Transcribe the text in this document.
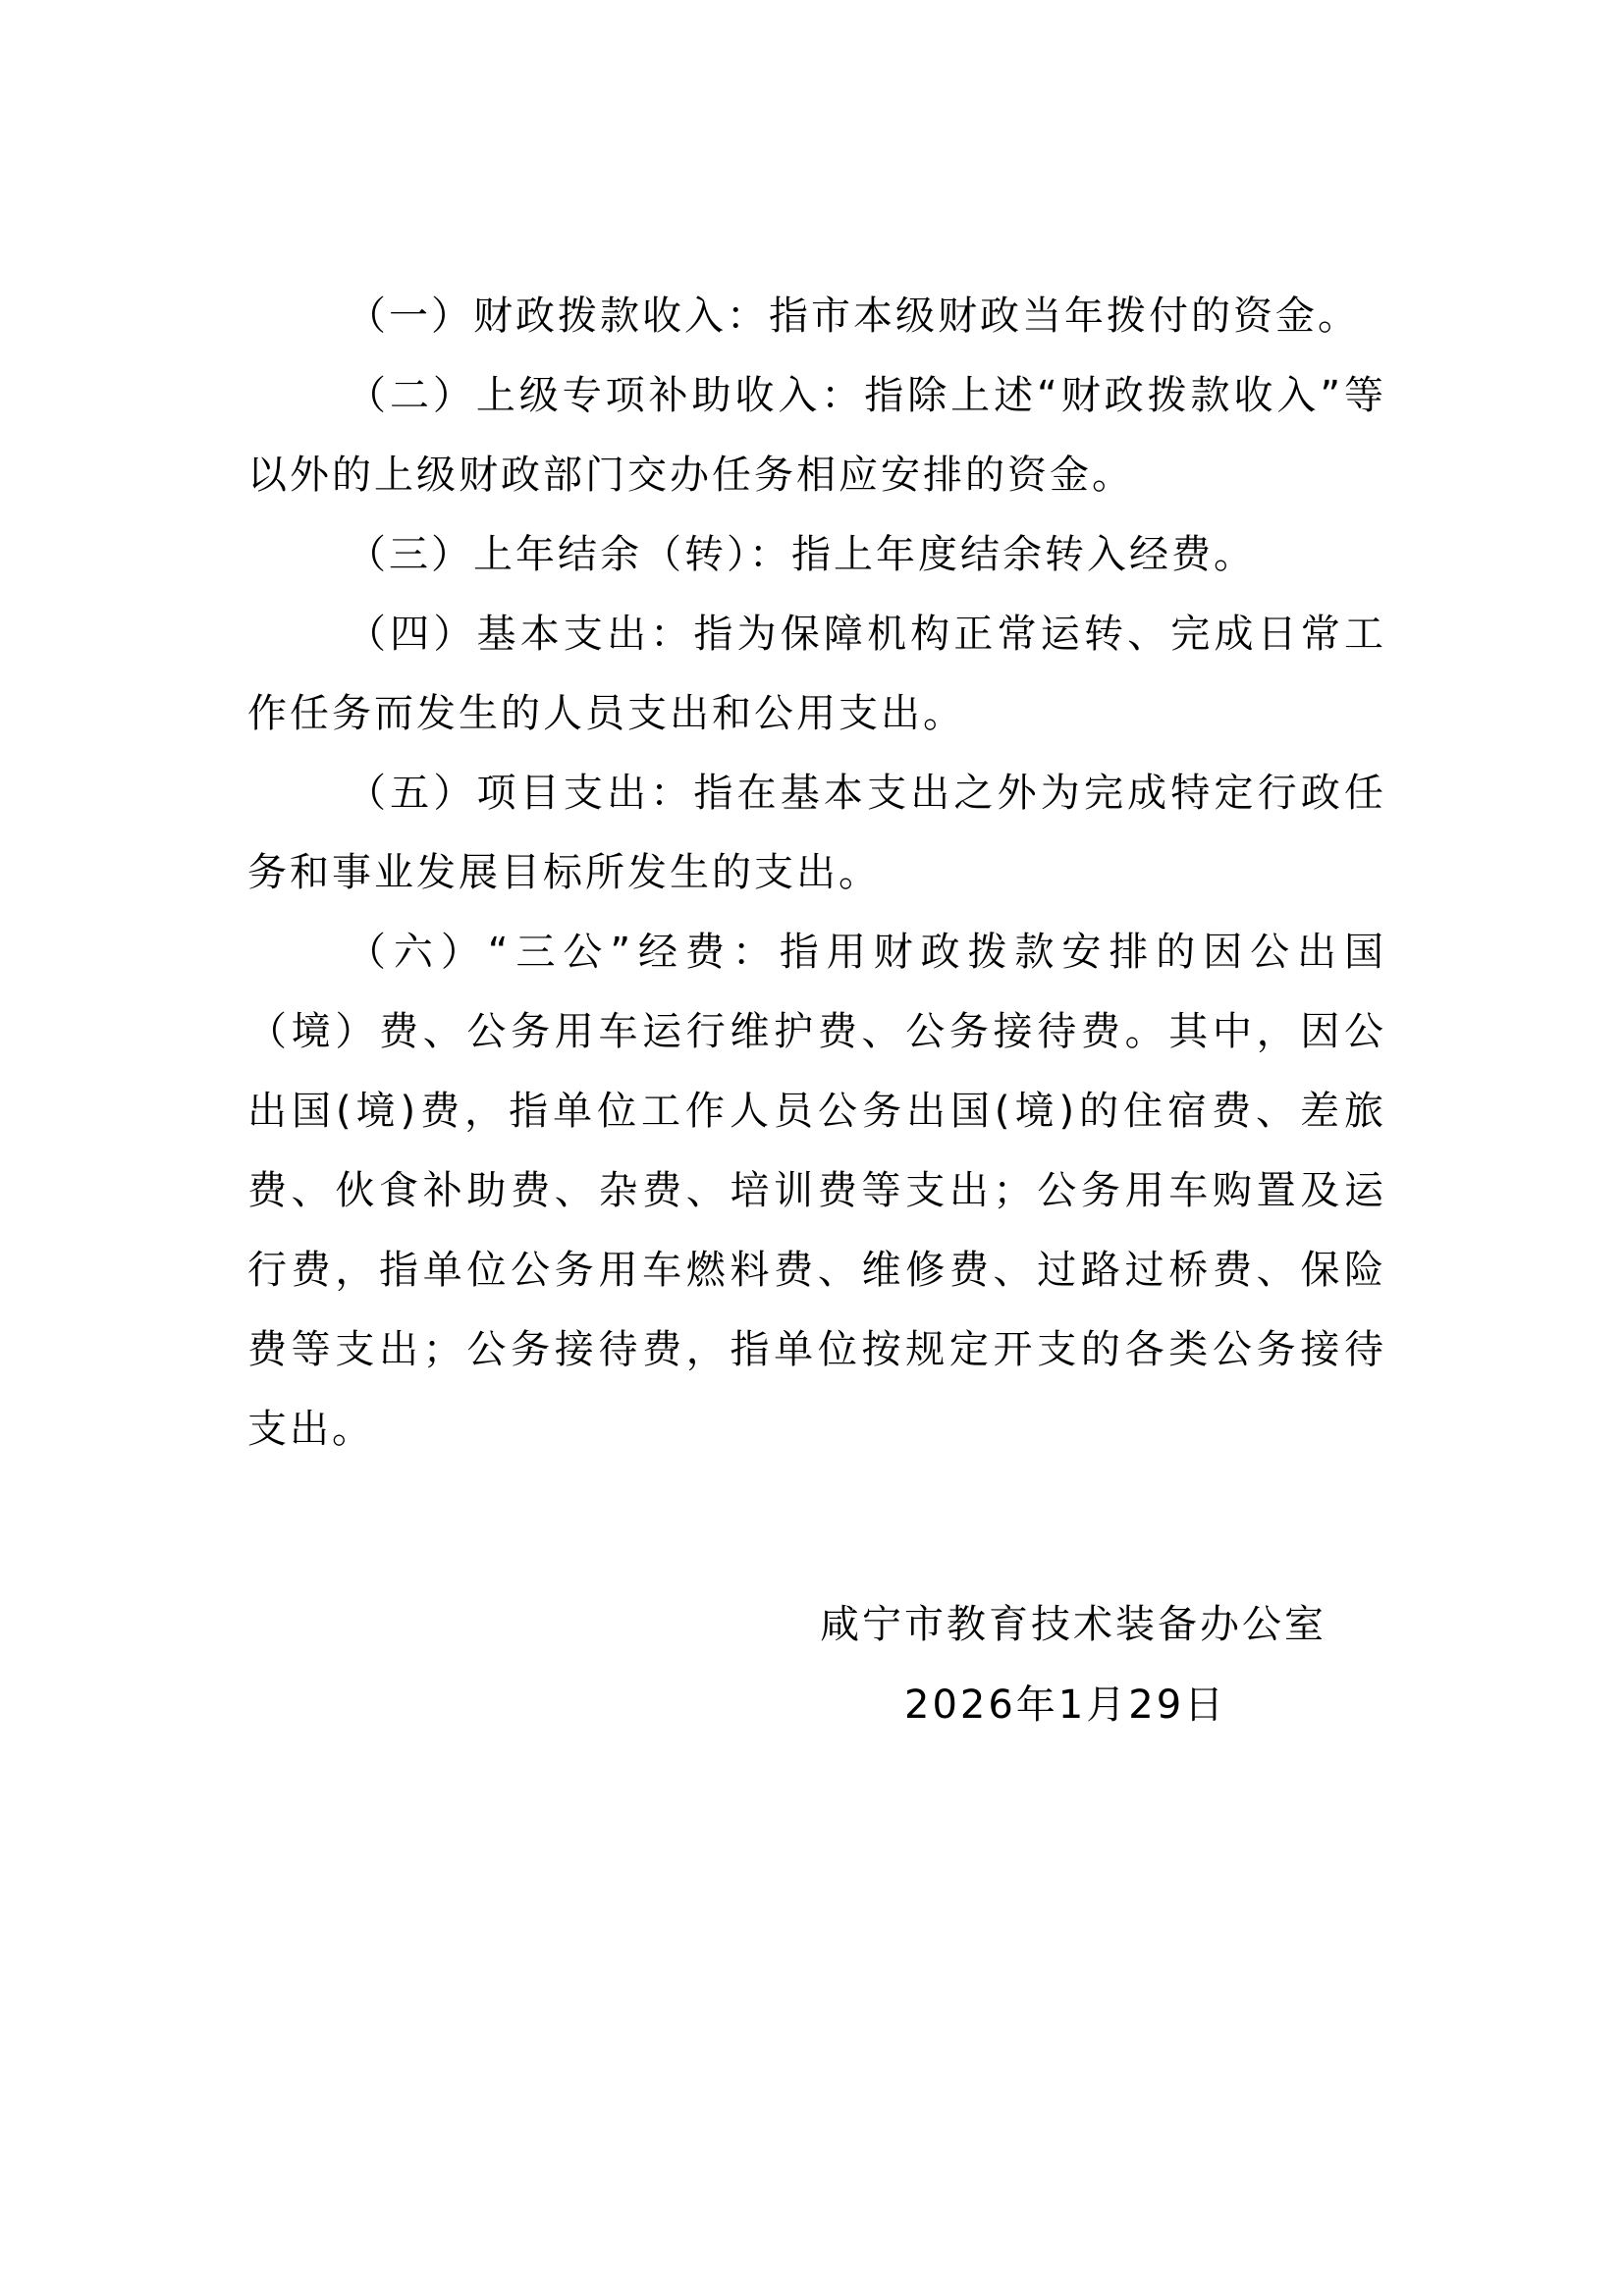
（一）财政拨款收入：指市本级财政当年拨付的资金。

（二）上级专项补助收入：指除上述“财政拨款收入”等以外的上级财政部门交办任务相应安排的资金。

（三）上年结余（转）：指上年度结余转入经费。

（四）基本支出：指为保障机构正常运转、完成日常工作任务而发生的人员支出和公用支出。

（五）项目支出：指在基本支出之外为完成特定行政任务和事业发展目标所发生的支出。

（六）“三公”经费：指用财政拨款安排的因公出国（境）费、公务用车运行维护费、公务接待费。其中，因公出国(境)费，指单位工作人员公务出国(境)的住宿费、差旅费、伙食补助费、杂费、培训费等支出；公务用车购置及运行费，指单位公务用车燃料费、维修费、过路过桥费、保险费等支出；公务接待费，指单位按规定开支的各类公务接待支出。

咸宁市教育技术装备办公室

2026年1月29日
